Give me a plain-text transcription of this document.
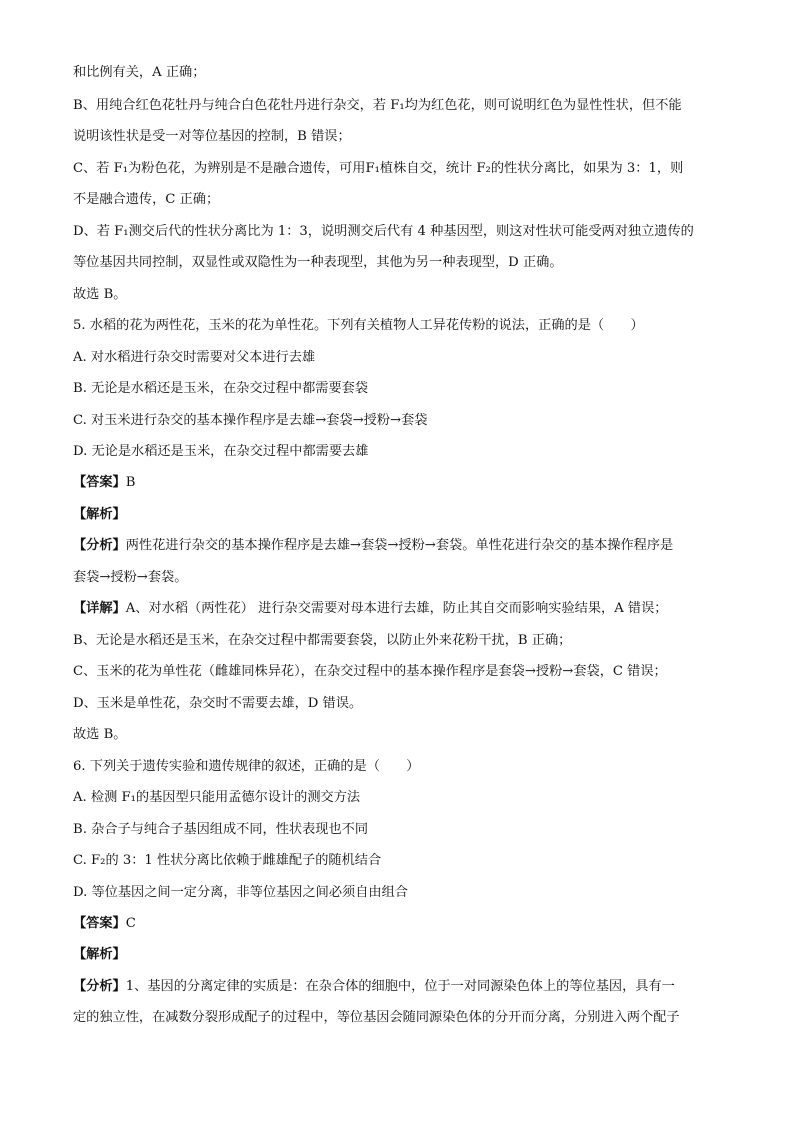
和比例有关，A 正确；
B、用纯合红色花牡丹与纯合白色花牡丹进行杂交，若 F₁均为红色花，则可说明红色为显性性状，但不能
说明该性状是受一对等位基因的控制，B 错误；
C、若 F₁为粉色花，为辨别是不是融合遗传，可用F₁植株自交，统计 F₂的性状分离比，如果为 3：1，则
不是融合遗传，C 正确；
D、若 F₁测交后代的性状分离比为 1：3，说明测交后代有 4 种基因型，则这对性状可能受两对独立遗传的
等位基因共同控制，双显性或双隐性为一种表现型，其他为另一种表现型，D 正确。
故选 B。
5. 水稻的花为两性花，玉米的花为单性花。下列有关植物人工异花传粉的说法，正确的是（　　）
A. 对水稻进行杂交时需要对父本进行去雄
B. 无论是水稻还是玉米，在杂交过程中都需要套袋
C. 对玉米进行杂交的基本操作程序是去雄→套袋→授粉→套袋
D. 无论是水稻还是玉米，在杂交过程中都需要去雄
【答案】B
【解析】
【分析】两性花进行杂交的基本操作程序是去雄→套袋→授粉→套袋。单性花进行杂交的基本操作程序是
套袋→授粉→套袋。
【详解】A、对水稻（两性花） 进行杂交需要对母本进行去雄，防止其自交而影响实验结果，A 错误；
B、无论是水稻还是玉米，在杂交过程中都需要套袋，以防止外来花粉干扰，B 正确；
C、玉米的花为单性花（雌雄同株异花），在杂交过程中的基本操作程序是套袋→授粉→套袋，C 错误；
D、玉米是单性花，杂交时不需要去雄，D 错误。
故选 B。
6. 下列关于遗传实验和遗传规律的叙述，正确的是（　　）
A. 检测 F₁的基因型只能用孟德尔设计的测交方法
B. 杂合子与纯合子基因组成不同，性状表现也不同
C. F₂的 3：1 性状分离比依赖于雌雄配子的随机结合
D. 等位基因之间一定分离，非等位基因之间必须自由组合
【答案】C
【解析】
【分析】1、基因的分离定律的实质是：在杂合体的细胞中，位于一对同源染色体上的等位基因，具有一
定的独立性，在减数分裂形成配子的过程中，等位基因会随同源染色体的分开而分离，分别进入两个配子
